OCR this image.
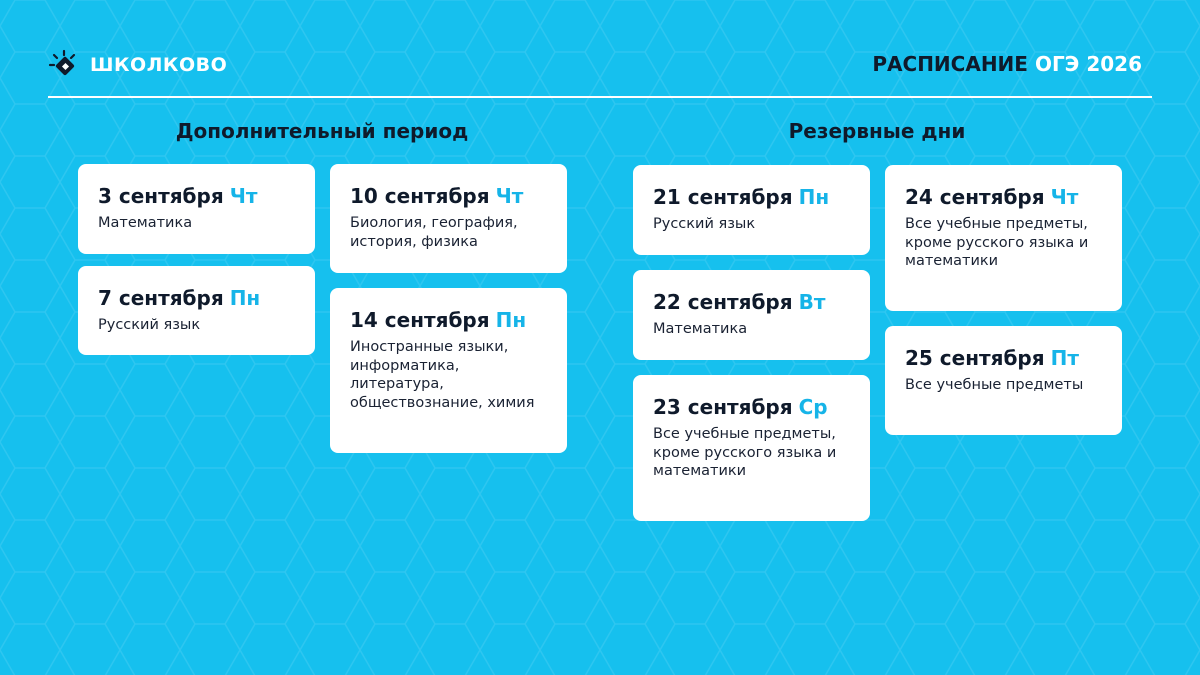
ШКОЛКОВО	РАСПИСАНИЕ ОГЭ 2026
Дополнительный период	Резервные дни
3 сентября Чт
Математика
7 сентября Пн
Русский язык
10 сентября Чт
Биология, география, история, физика
14 сентября Пн
Иностранные языки, информатика, литература, обществознание, химия
21 сентября Пн
Русский язык
22 сентября Вт
Математика
23 сентября Ср
Все учебные предметы, кроме русского языка и математики
24 сентября Чт
Все учебные предметы, кроме русского языка и математики
25 сентября Пт
Все учебные предметы
